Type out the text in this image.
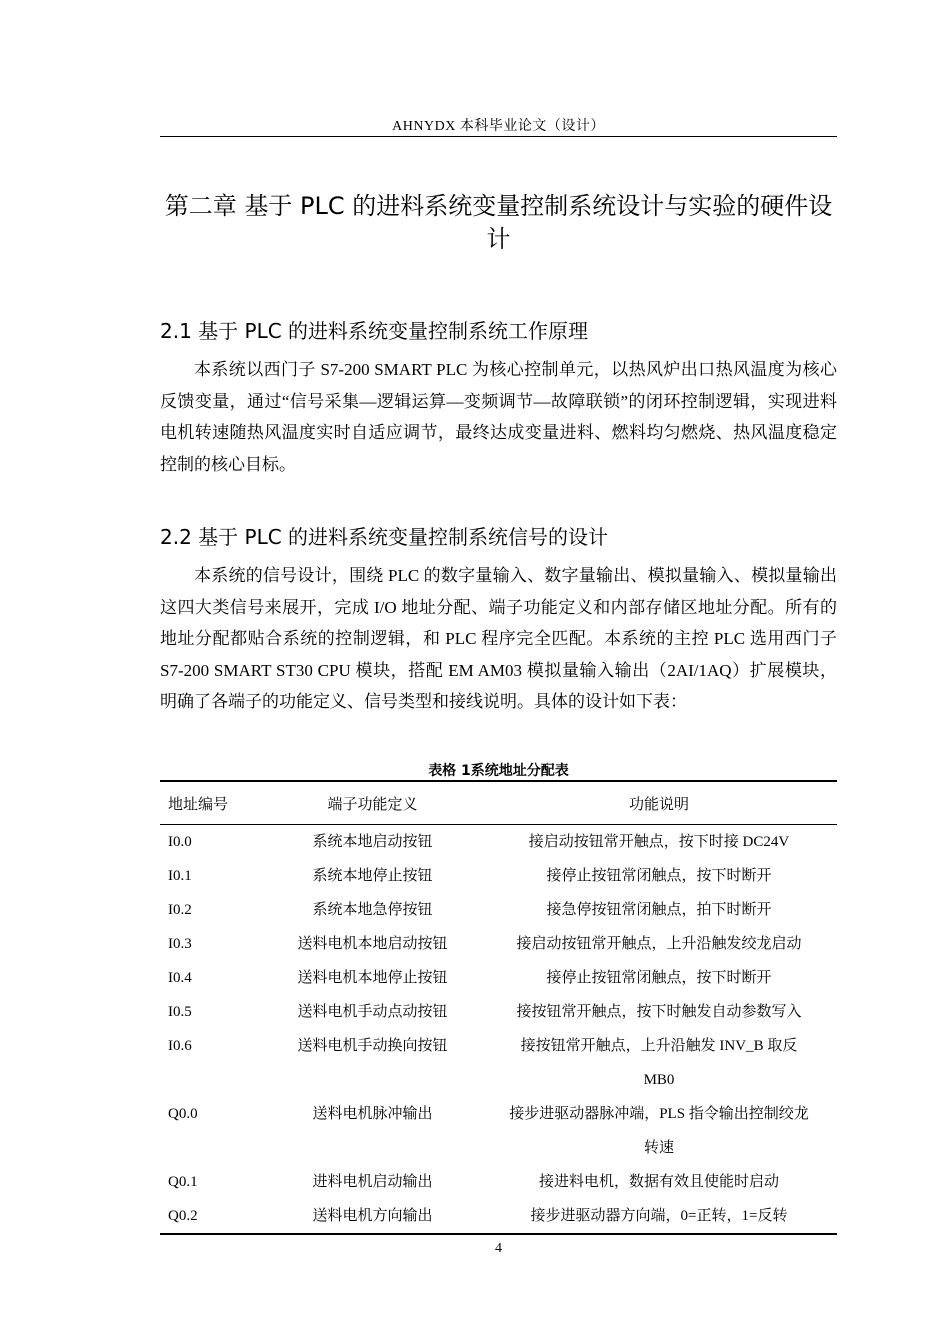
AHNYDX 本科毕业论文（设计）
第二章 基于 PLC 的进料系统变量控制系统设计与实验的硬件设计
2.1 基于 PLC 的进料系统变量控制系统工作原理
本系统以西门子 S7-200 SMART PLC 为核心控制单元，以热风炉出口热风温度为核心反馈变量，通过“信号采集—逻辑运算—变频调节—故障联锁”的闭环控制逻辑，实现进料电机转速随热风温度实时自适应调节，最终达成变量进料、燃料均匀燃烧、热风温度稳定控制的核心目标。
2.2 基于 PLC 的进料系统变量控制系统信号的设计
本系统的信号设计，围绕 PLC 的数字量输入、数字量输出、模拟量输入、模拟量输出这四大类信号来展开，完成 I/O 地址分配、端子功能定义和内部存储区地址分配。所有的地址分配都贴合系统的控制逻辑，和 PLC 程序完全匹配。本系统的主控 PLC 选用西门子 S7-200 SMART ST30 CPU 模块，搭配 EM AM03 模拟量输入输出（2AI/1AQ）扩展模块，明确了各端子的功能定义、信号类型和接线说明。具体的设计如下表：
表格 1系统地址分配表
地址编号	端子功能定义	功能说明
I0.0	系统本地启动按钮	接启动按钮常开触点，按下时接 DC24V
I0.1	系统本地停止按钮	接停止按钮常闭触点，按下时断开
I0.2	系统本地急停按钮	接急停按钮常闭触点，拍下时断开
I0.3	送料电机本地启动按钮	接启动按钮常开触点，上升沿触发绞龙启动
I0.4	送料电机本地停止按钮	接停止按钮常闭触点，按下时断开
I0.5	送料电机手动点动按钮	接按钮常开触点，按下时触发自动参数写入
I0.6	送料电机手动换向按钮	接按钮常开触点，上升沿触发 INV_B 取反
		MB0
Q0.0	送料电机脉冲输出	接步进驱动器脉冲端，PLS 指令输出控制绞龙
		转速
Q0.1	进料电机启动输出	接进料电机，数据有效且使能时启动
Q0.2	送料电机方向输出	接步进驱动器方向端，0=正转，1=反转
4
